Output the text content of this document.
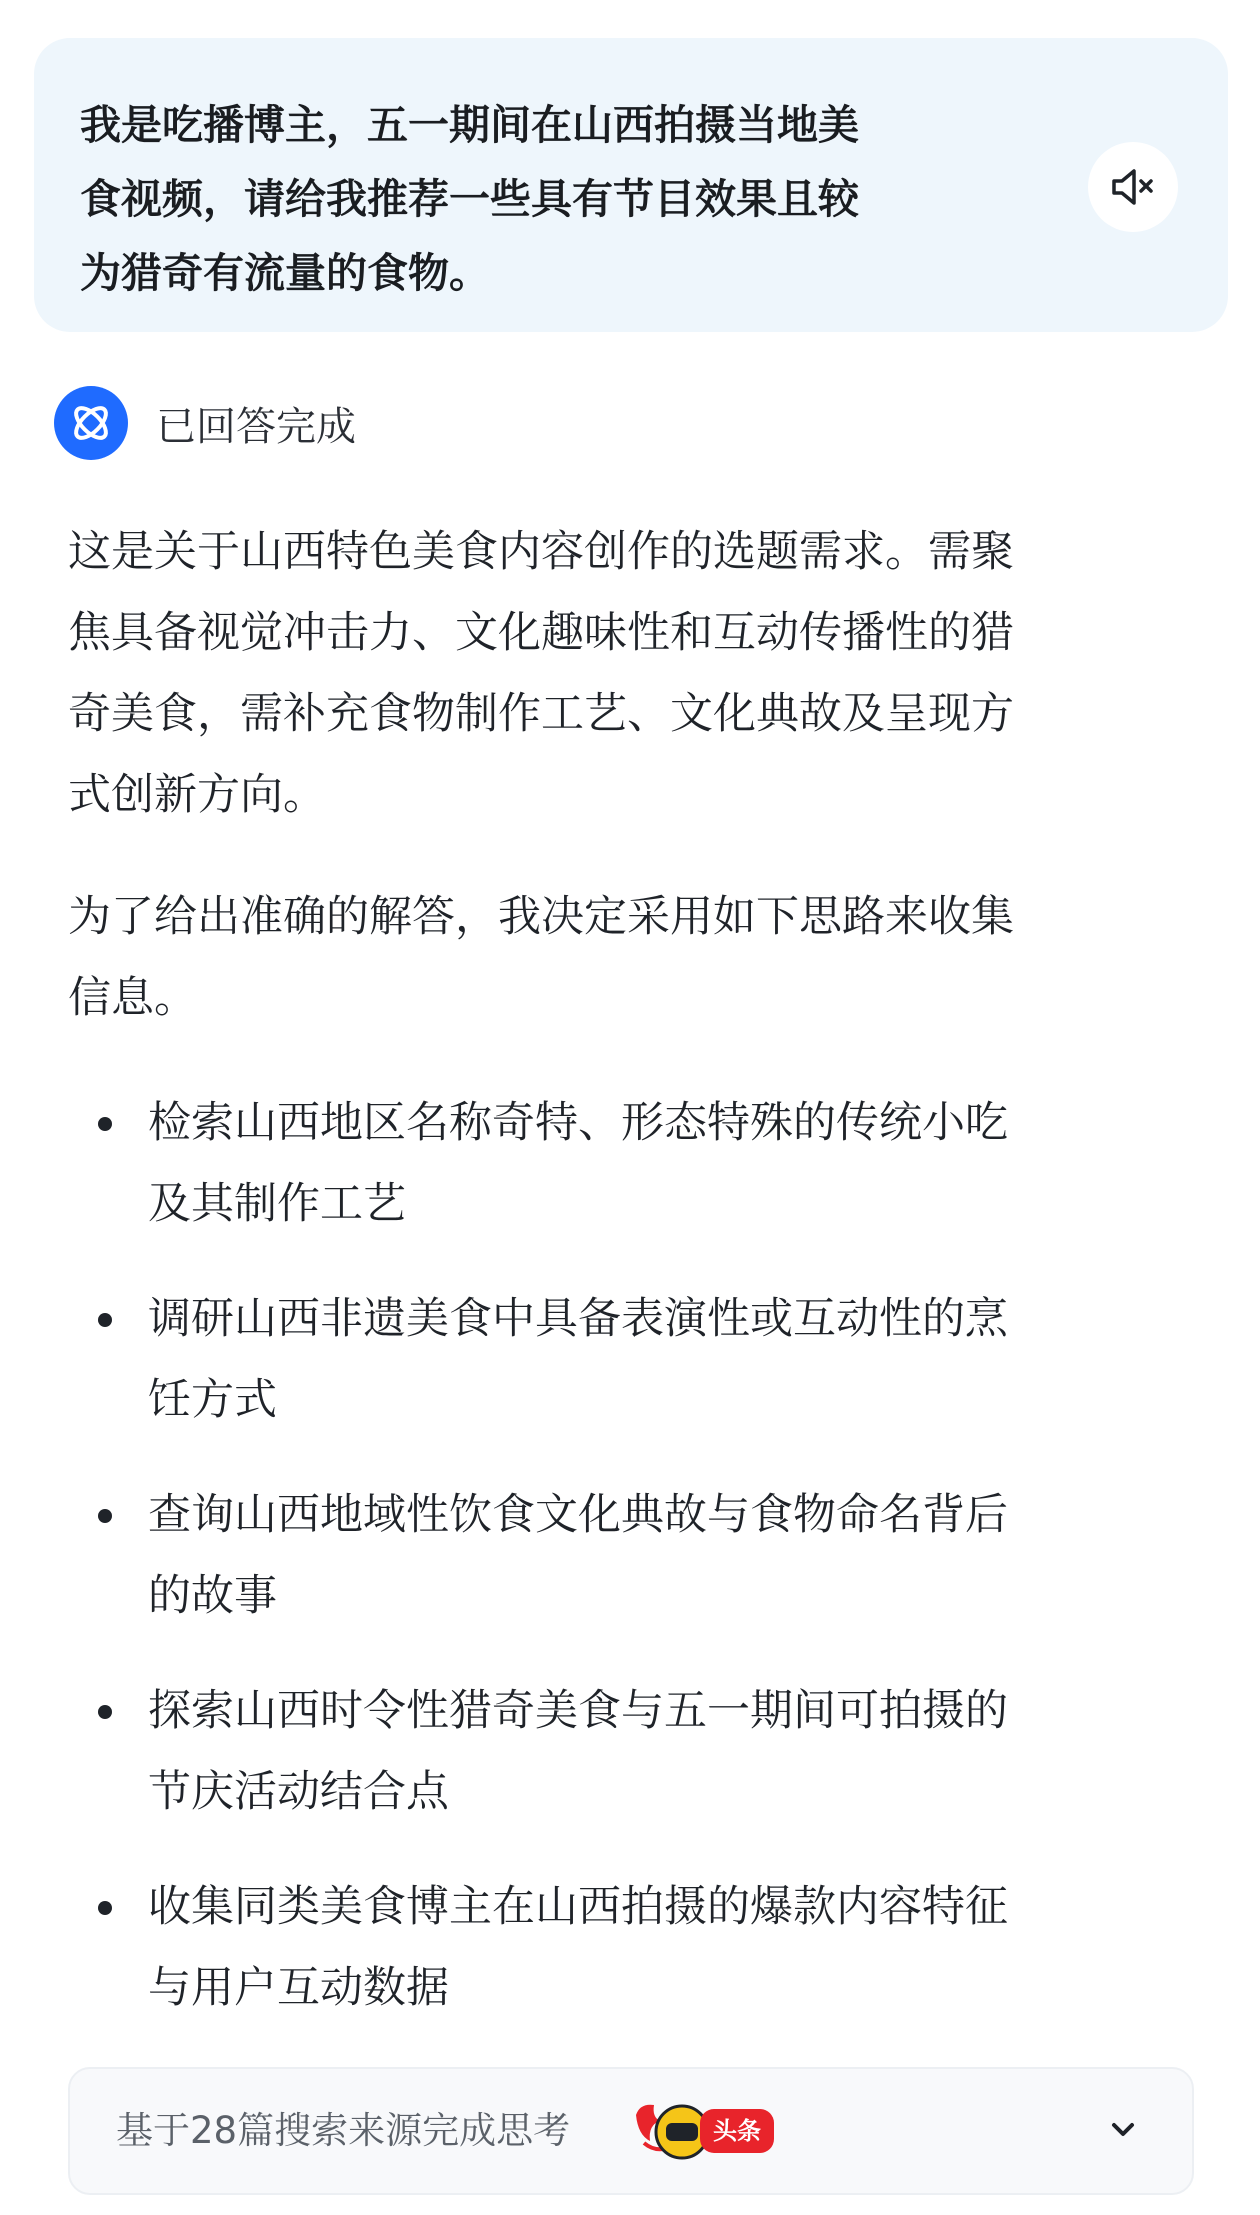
我是吃播博主，五一期间在山西拍摄当地美
食视频，请给我推荐一些具有节目效果且较
为猎奇有流量的食物。

已回答完成

这是关于山西特色美食内容创作的选题需求。需聚
焦具备视觉冲击力、文化趣味性和互动传播性的猎
奇美食，需补充食物制作工艺、文化典故及呈现方
式创新方向。

为了给出准确的解答，我决定采用如下思路来收集
信息。

检索山西地区名称奇特、形态特殊的传统小吃
及其制作工艺
调研山西非遗美食中具备表演性或互动性的烹
饪方式
查询山西地域性饮食文化典故与食物命名背后
的故事
探索山西时令性猎奇美食与五一期间可拍摄的
节庆活动结合点
收集同类美食博主在山西拍摄的爆款内容特征
与用户互动数据
基于28篇搜索来源完成思考	头条
